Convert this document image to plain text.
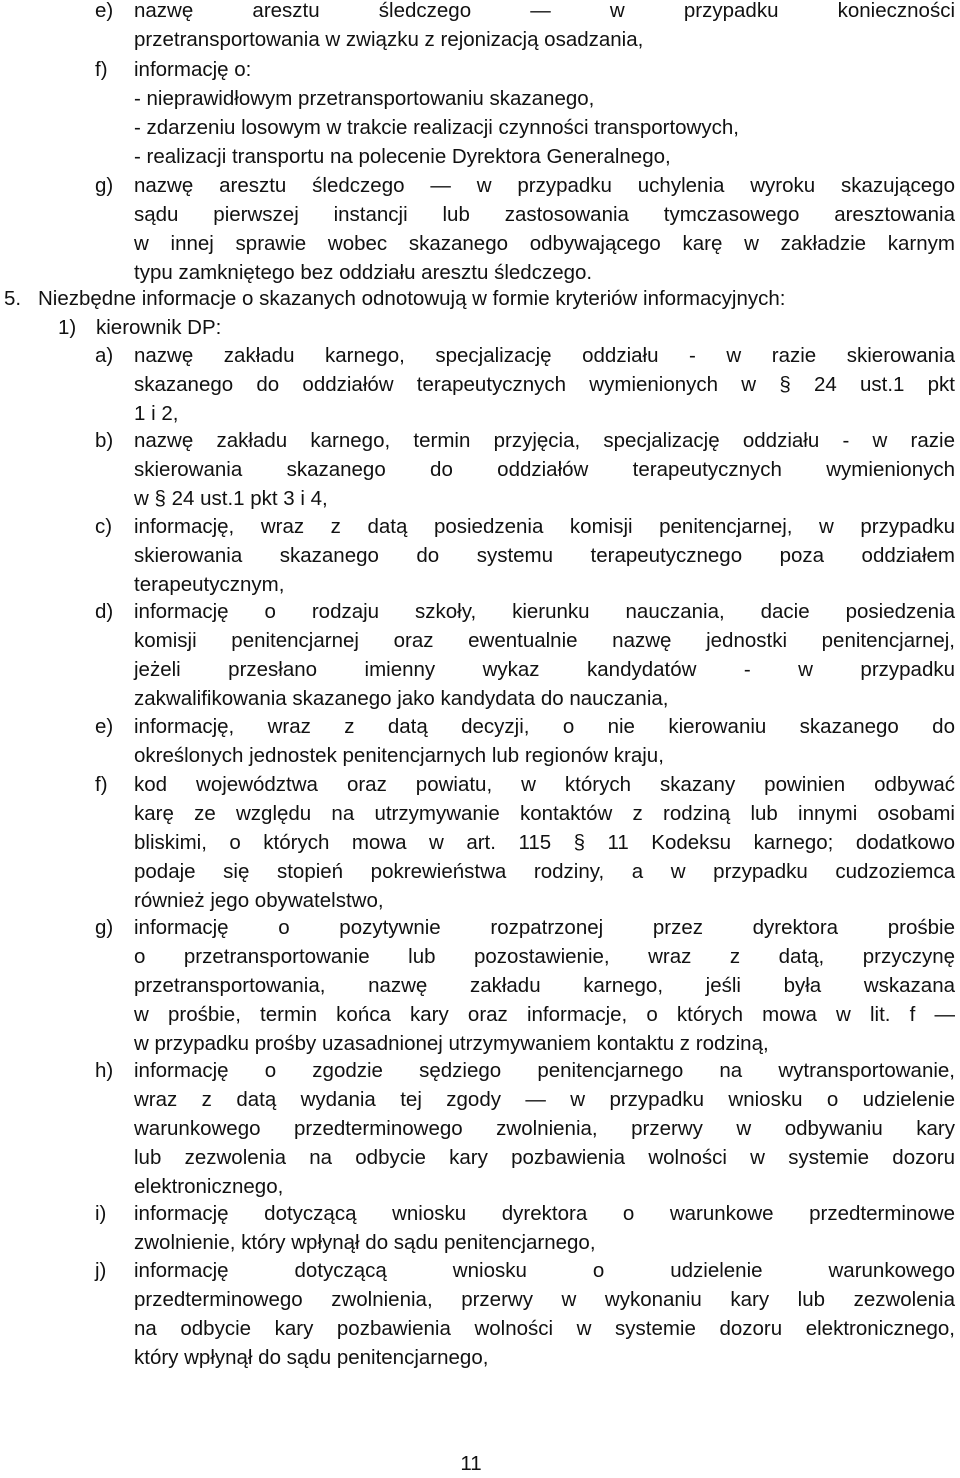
e)	nazwę aresztu śledczego — w przypadku konieczności
przetransportowania w związku z rejonizacją osadzania,
f)	informację o:
- nieprawidłowym przetransportowaniu skazanego,
- zdarzeniu losowym w trakcie realizacji czynności transportowych,
- realizacji transportu na polecenie Dyrektora Generalnego,
g)	nazwę aresztu śledczego — w przypadku uchylenia wyroku skazującego
sądu pierwszej instancji lub zastosowania tymczasowego aresztowania
w innej sprawie wobec skazanego odbywającego karę w zakładzie karnym
typu zamkniętego bez oddziału aresztu śledczego.
5. Niezbędne informacje o skazanych odnotowują w formie kryteriów informacyjnych:
1) kierownik DP:
a)	nazwę zakładu karnego, specjalizację oddziału - w razie skierowania
skazanego do oddziałów terapeutycznych wymienionych w § 24 ust.1 pkt
1 i 2,
b)	nazwę zakładu karnego, termin przyjęcia, specjalizację oddziału - w razie
skierowania skazanego do oddziałów terapeutycznych wymienionych
w § 24 ust.1 pkt 3 i 4,
c)	informację, wraz z datą posiedzenia komisji penitencjarnej, w przypadku
skierowania skazanego do systemu terapeutycznego poza oddziałem
terapeutycznym,
d)	informację o rodzaju szkoły, kierunku nauczania, dacie posiedzenia
komisji penitencjarnej oraz ewentualnie nazwę jednostki penitencjarnej,
jeżeli przesłano imienny wykaz kandydatów - w przypadku
zakwalifikowania skazanego jako kandydata do nauczania,
e)	informację, wraz z datą decyzji, o nie kierowaniu skazanego do
określonych jednostek penitencjarnych lub regionów kraju,
f)	kod województwa oraz powiatu, w których skazany powinien odbywać
karę ze względu na utrzymywanie kontaktów z rodziną lub innymi osobami
bliskimi, o których mowa w art. 115 § 11 Kodeksu karnego; dodatkowo
podaje się stopień pokrewieństwa rodziny, a w przypadku cudzoziemca
również jego obywatelstwo,
g)	informację o pozytywnie rozpatrzonej przez dyrektora prośbie
o przetransportowanie lub pozostawienie, wraz z datą, przyczynę
przetransportowania, nazwę zakładu karnego, jeśli była wskazana
w prośbie, termin końca kary oraz informacje, o których mowa w lit. f —
w przypadku prośby uzasadnionej utrzymywaniem kontaktu z rodziną,
h)	informację o zgodzie sędziego penitencjarnego na wytransportowanie,
wraz z datą wydania tej zgody — w przypadku wniosku o udzielenie
warunkowego przedterminowego zwolnienia, przerwy w odbywaniu kary
lub zezwolenia na odbycie kary pozbawienia wolności w systemie dozoru
elektronicznego,
i)	informację dotyczącą wniosku dyrektora o warunkowe przedterminowe
zwolnienie, który wpłynął do sądu penitencjarnego,
j)	informację dotyczącą wniosku o udzielenie warunkowego
przedterminowego zwolnienia, przerwy w wykonaniu kary lub zezwolenia
na odbycie kary pozbawienia wolności w systemie dozoru elektronicznego,
który wpłynął do sądu penitencjarnego,
11
